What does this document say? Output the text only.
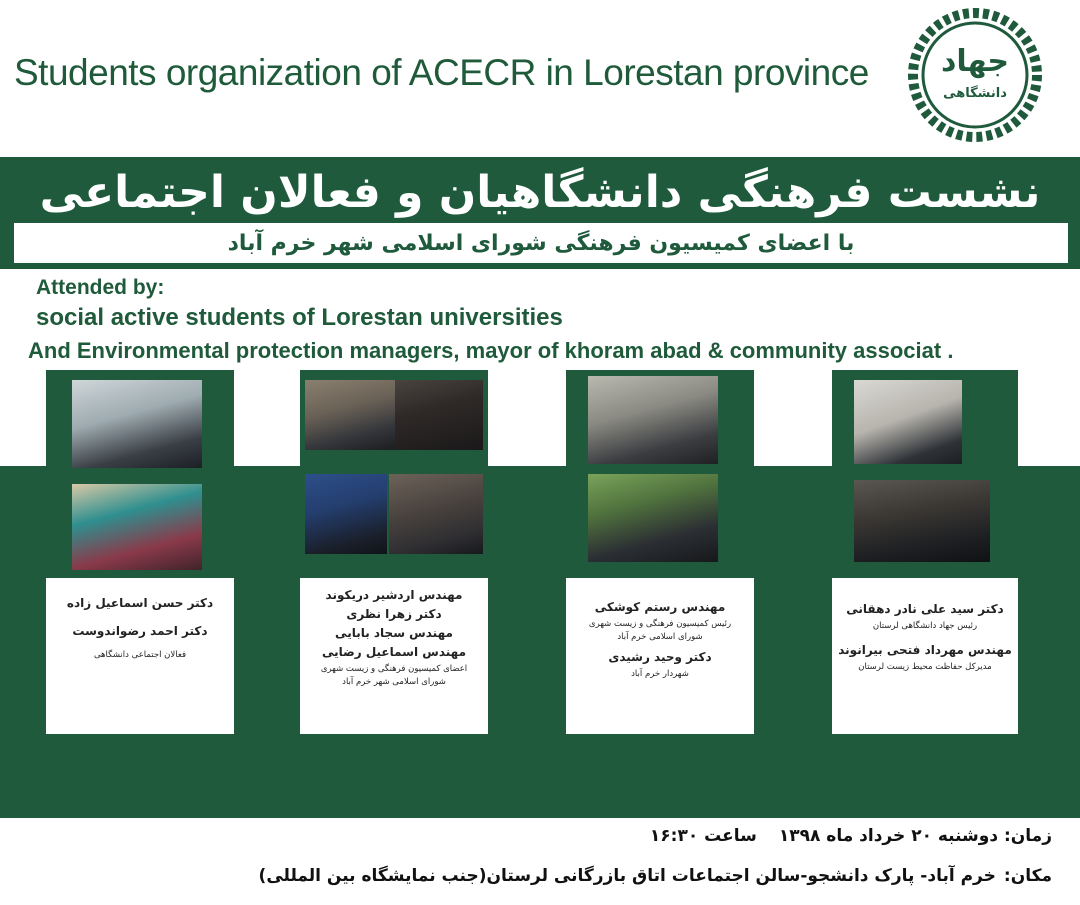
Students organization of ACECR in Lorestan province جهاد
دانشگاهی
نشست فرهنگی دانشگاهیان و فعالان اجتماعی
با اعضای کمیسیون فرهنگی شورای اسلامی شهر خرم آباد
Attended by:
social active students of Lorestan universities
And Environmental protection managers, mayor of khoram abad & community associat .
دکتر سید علی نادر دهقانی
رئیس جهاد دانشگاهی لرستان
مهندس مهرداد فتحی بیرانوند
مدیرکل حفاظت محیط زیست لرستان
مهندس رستم کوشکی
رئیس کمیسیون فرهنگی و زیست شهری
شورای اسلامی خرم آباد
دکتر وحید رشیدی
شهردار خرم آباد
مهندس اردشیر دریکوند
دکتر زهرا نظری
مهندس سجاد بابایی
مهندس اسماعیل رضایی
اعضای کمیسیون فرهنگی و زیست شهری
شورای اسلامی شهر خرم آباد
دکتر حسن اسماعیل زاده
دکتر احمد رضواندوست
فعالان اجتماعی دانشگاهی
زمان: دوشنبه ۲۰ خرداد ماه ۱۳۹۸
ساعت ۱۶:۳۰
مکان:
خرم آباد- پارک دانشجو-سالن اجتماعات اتاق بازرگانی لرستان(جنب نمایشگاه بین المللی)
